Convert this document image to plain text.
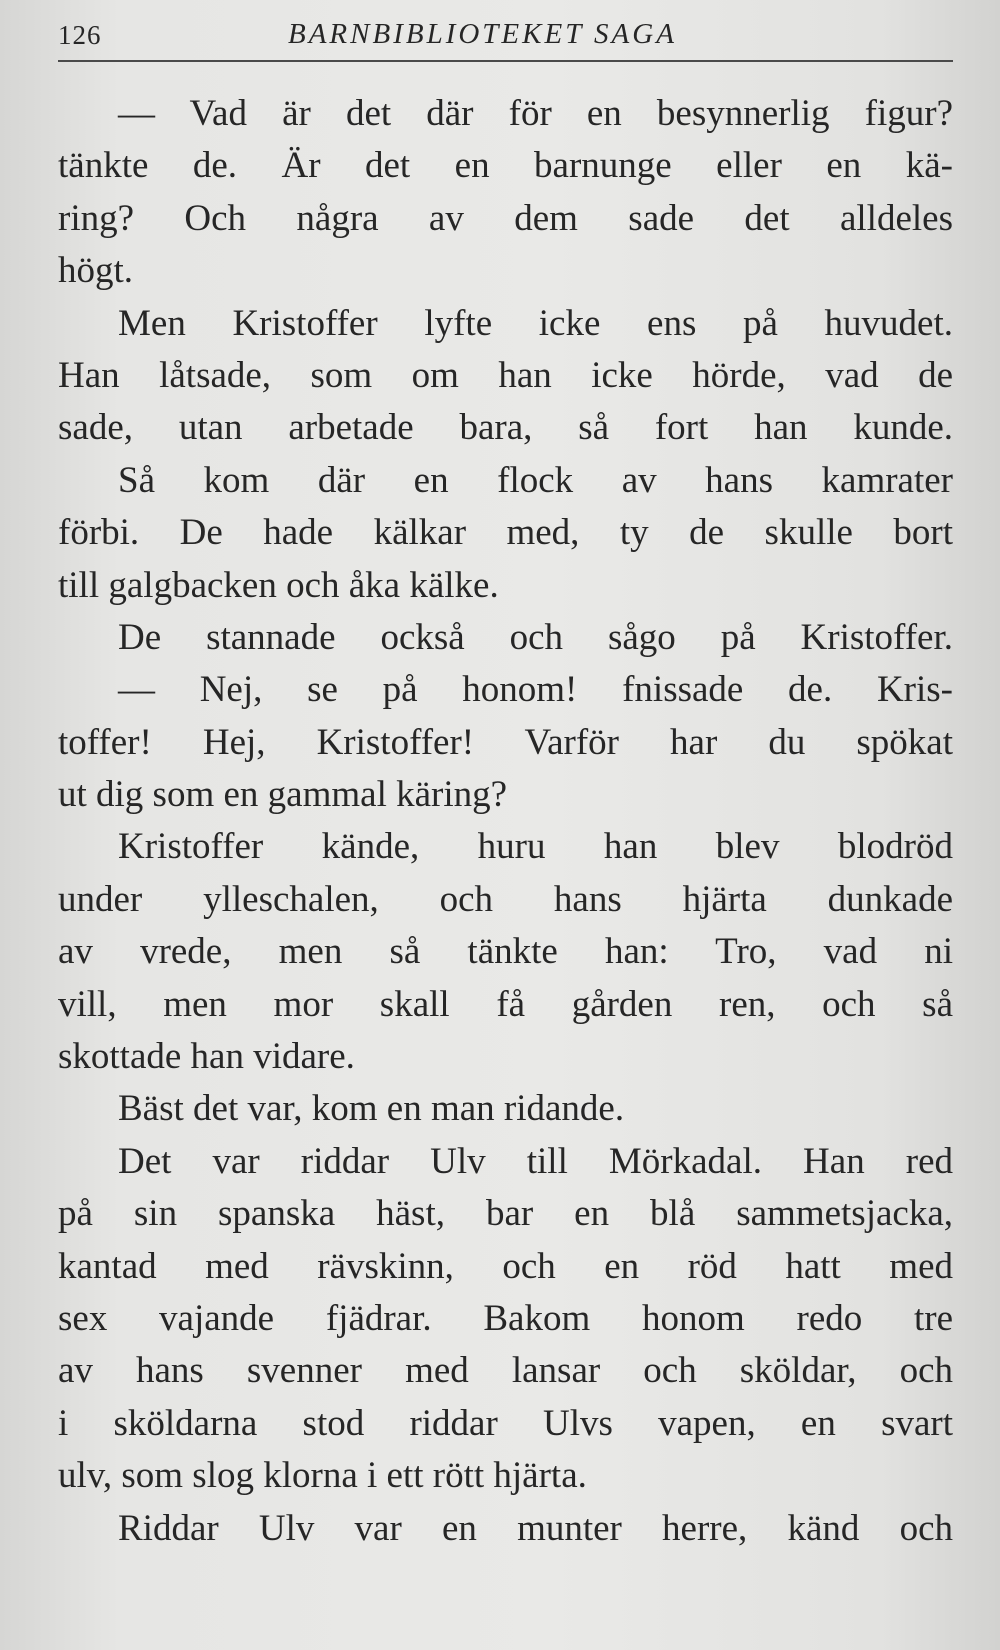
126	BARNBIBLIOTEKET SAGA
— Vad är det där för en besynnerlig figur?
tänkte de. Är det en barnunge eller en kä-
ring? Och några av dem sade det alldeles
högt.
Men Kristoffer lyfte icke ens på huvudet.
Han låtsade, som om han icke hörde, vad de
sade, utan arbetade bara, så fort han kunde.
Så kom där en flock av hans kamrater
förbi. De hade kälkar med, ty de skulle bort
till galgbacken och åka kälke.
De stannade också och sågo på Kristoffer.
— Nej, se på honom! fnissade de. Kris-
toffer! Hej, Kristoffer! Varför har du spökat
ut dig som en gammal käring?
Kristoffer kände, huru han blev blodröd
under ylleschalen, och hans hjärta dunkade
av vrede, men så tänkte han: Tro, vad ni
vill, men mor skall få gården ren, och så
skottade han vidare.
Bäst det var, kom en man ridande.
Det var riddar Ulv till Mörkadal. Han red
på sin spanska häst, bar en blå sammetsjacka,
kantad med rävskinn, och en röd hatt med
sex vajande fjädrar. Bakom honom redo tre
av hans svenner med lansar och sköldar, och
i sköldarna stod riddar Ulvs vapen, en svart
ulv, som slog klorna i ett rött hjärta.
Riddar Ulv var en munter herre, känd och
